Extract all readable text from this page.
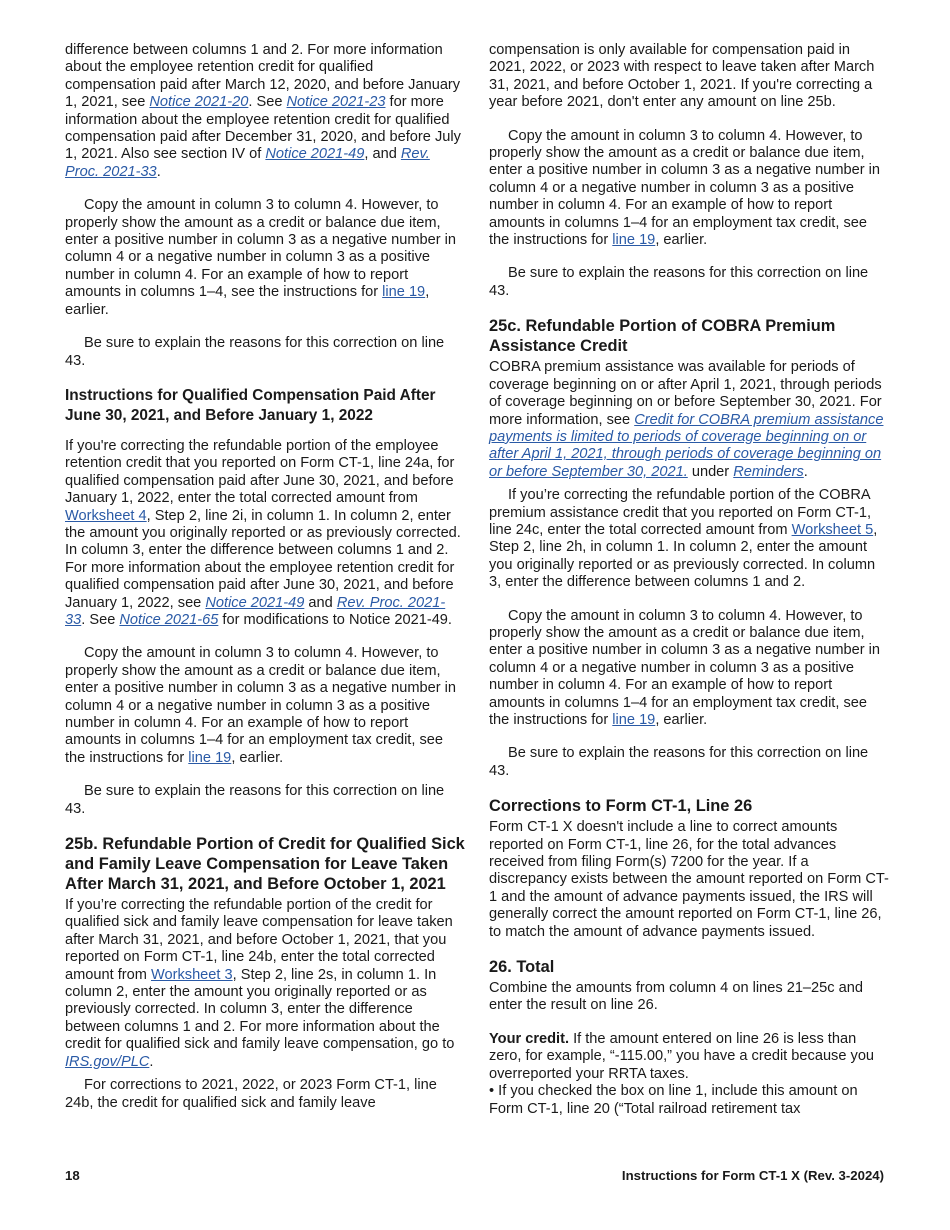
difference between columns 1 and 2. For more information about the employee retention credit for qualified compensation paid after March 12, 2020, and before January 1, 2021, see Notice 2021-20. See Notice 2021-23 for more information about the employee retention credit for qualified compensation paid after December 31, 2020, and before July 1, 2021. Also see section IV of Notice 2021-49, and Rev. Proc. 2021-33.

Copy the amount in column 3 to column 4. However, to properly show the amount as a credit or balance due item, enter a positive number in column 3 as a negative number in column 4 or a negative number in column 3 as a positive number in column 4. For an example of how to report amounts in columns 1–4, see the instructions for line 19, earlier.

Be sure to explain the reasons for this correction on line 43.

Instructions for Qualified Compensation Paid After June 30, 2021, and Before January 1, 2022

If you're correcting the refundable portion of the employee retention credit that you reported on Form CT-1, line 24a, for qualified compensation paid after June 30, 2021, and before January 1, 2022, enter the total corrected amount from Worksheet 4, Step 2, line 2i, in column 1. In column 2, enter the amount you originally reported or as previously corrected. In column 3, enter the difference between columns 1 and 2. For more information about the employee retention credit for qualified compensation paid after June 30, 2021, and before January 1, 2022, see Notice 2021-49 and Rev. Proc. 2021-33. See Notice 2021-65 for modifications to Notice 2021-49.

Copy the amount in column 3 to column 4. However, to properly show the amount as a credit or balance due item, enter a positive number in column 3 as a negative number in column 4 or a negative number in column 3 as a positive number in column 4. For an example of how to report amounts in columns 1–4 for an employment tax credit, see the instructions for line 19, earlier.

Be sure to explain the reasons for this correction on line 43.

25b. Refundable Portion of Credit for Qualified Sick and Family Leave Compensation for Leave Taken After March 31, 2021, and Before October 1, 2021

If you’re correcting the refundable portion of the credit for qualified sick and family leave compensation for leave taken after March 31, 2021, and before October 1, 2021, that you reported on Form CT-1, line 24b, enter the total corrected amount from Worksheet 3, Step 2, line 2s, in column 1. In column 2, enter the amount you originally reported or as previously corrected. In column 3, enter the difference between columns 1 and 2. For more information about the credit for qualified sick and family leave compensation, go to IRS.gov/PLC.

For corrections to 2021, 2022, or 2023 Form CT-1, line 24b, the credit for qualified sick and family leave

compensation is only available for compensation paid in 2021, 2022, or 2023 with respect to leave taken after March 31, 2021, and before October 1, 2021. If you're correcting a year before 2021, don't enter any amount on line 25b.

Copy the amount in column 3 to column 4. However, to properly show the amount as a credit or balance due item, enter a positive number in column 3 as a negative number in column 4 or a negative number in column 3 as a positive number in column 4. For an example of how to report amounts in columns 1–4 for an employment tax credit, see the instructions for line 19, earlier.

Be sure to explain the reasons for this correction on line 43.

25c. Refundable Portion of COBRA Premium Assistance Credit

COBRA premium assistance was available for periods of coverage beginning on or after April 1, 2021, through periods of coverage beginning on or before September 30, 2021. For more information, see Credit for COBRA premium assistance payments is limited to periods of coverage beginning on or after April 1, 2021, through periods of coverage beginning on or before September 30, 2021. under Reminders.

If you’re correcting the refundable portion of the COBRA premium assistance credit that you reported on Form CT-1, line 24c, enter the total corrected amount from Worksheet 5, Step 2, line 2h, in column 1. In column 2, enter the amount you originally reported or as previously corrected. In column 3, enter the difference between columns 1 and 2.

Copy the amount in column 3 to column 4. However, to properly show the amount as a credit or balance due item, enter a positive number in column 3 as a negative number in column 4 or a negative number in column 3 as a positive number in column 4. For an example of how to report amounts in columns 1–4 for an employment tax credit, see the instructions for line 19, earlier.

Be sure to explain the reasons for this correction on line 43.

Corrections to Form CT-1, Line 26

Form CT-1 X doesn't include a line to correct amounts reported on Form CT-1, line 26, for the total advances received from filing Form(s) 7200 for the year. If a discrepancy exists between the amount reported on Form CT-1 and the amount of advance payments issued, the IRS will generally correct the amount reported on Form CT-1, line 26, to match the amount of advance payments issued.

26. Total

Combine the amounts from column 4 on lines 21–25c and enter the result on line 26.

Your credit. If the amount entered on line 26 is less than zero, for example, “-115.00,” you have a credit because you overreported your RRTA taxes.

• If you checked the box on line 1, include this amount on Form CT-1, line 20 (“Total railroad retirement tax

18	Instructions for Form CT-1 X (Rev. 3-2024)
